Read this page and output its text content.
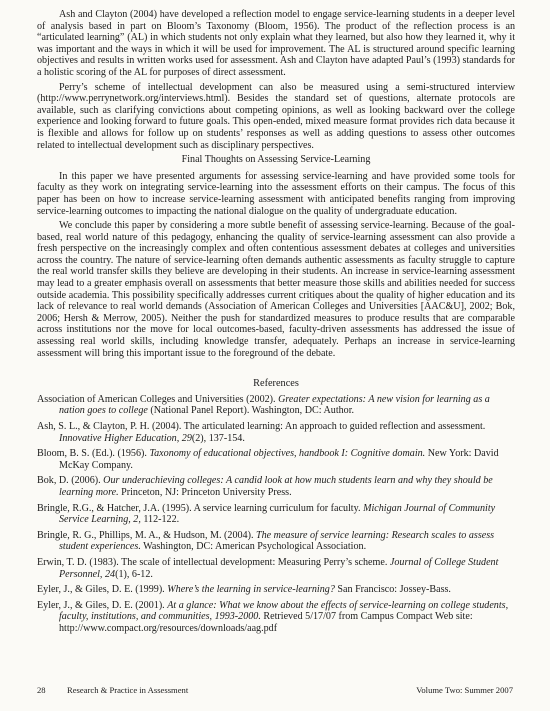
Ash and Clayton (2004) have developed a reflection model to engage service-learning students in a deeper level of analysis based in part on Bloom’s Taxonomy (Bloom, 1956). The product of the reflection process is an “articulated learning” (AL) in which students not only explain what they learned, but also how they learned it, why it was important and the ways in which it will be used for improvement. The AL is structured around specific learning objectives and results in written works used for assessment. Ash and Clayton have adapted Paul’s (1993) standards for a holistic scoring of the AL for purposes of direct assessment.

Perry’s scheme of intellectual development can also be measured using a semi-structured interview (http://www.perrynetwork.org/interviews.html). Besides the standard set of questions, alternate protocols are available, such as clarifying convictions about competing opinions, as well as looking backward over the college experience and looking forward to future goals. This open-ended, mixed measure format provides rich data because it is flexible and allows for follow up on students’ responses as well as adding questions to assess other outcomes related to intellectual development such as disciplinary perspectives.

Final Thoughts on Assessing Service-Learning

In this paper we have presented arguments for assessing service-learning and have provided some tools for faculty as they work on integrating service-learning into the assessment efforts on their campus. The focus of this paper has been on how to increase service-learning assessment with anticipated benefits ranging from improving service-learning outcomes to impacting the national dialogue on the quality of undergraduate education.

We conclude this paper by considering a more subtle benefit of assessing service-learning. Because of the goal-based, real world nature of this pedagogy, enhancing the quality of service-learning assessment can also provide a fresh perspective on the increasingly complex and often contentious assessment debates at colleges and universities across the country. The nature of service-learning often demands authentic assessments as faculty struggle to capture the real world transfer skills they believe are developing in their students. An increase in service-learning assessment may lead to a greater emphasis overall on assessments that better measure those skills and abilities needed for success outside academia. This possibility specifically addresses current critiques about the quality of higher education and its lack of relevance to real world demands (Association of American Colleges and Universities [AAC&U], 2002; Bok, 2006; Hersh & Merrow, 2005). Neither the push for standardized measures to produce results that are comparable across institutions nor the move for local outcomes-based, faculty-driven assessments has addressed the issue of assessing real world skills, including knowledge transfer, adequately. Perhaps an increase in service-learning assessment will bring this important issue to the foreground of the debate.

References
Association of American Colleges and Universities (2002). Greater expectations: A new vision for learning as a nation goes to college (National Panel Report). Washington, DC: Author.
Ash, S. L., & Clayton, P. H. (2004). The articulated learning: An approach to guided reflection and assessment. Innovative Higher Education, 29(2), 137-154.
Bloom, B. S. (Ed.). (1956). Taxonomy of educational objectives, handbook I: Cognitive domain. New York: David McKay Company.
Bok, D. (2006). Our underachieving colleges: A candid look at how much students learn and why they should be learning more. Princeton, NJ: Princeton University Press.
Bringle, R.G., & Hatcher, J.A. (1995). A service learning curriculum for faculty. Michigan Journal of Community Service Learning, 2, 112-122.
Bringle, R. G., Phillips, M. A., & Hudson, M. (2004). The measure of service learning: Research scales to assess student experiences. Washington, DC: American Psychological Association.
Erwin, T. D. (1983). The scale of intellectual development: Measuring Perry’s scheme. Journal of College Student Personnel, 24(1), 6-12.
Eyler, J., & Giles, D. E. (1999). Where’s the learning in service-learning? San Francisco: Jossey-Bass.
Eyler, J., & Giles, D. E. (2001). At a glance: What we know about the effects of service-learning on college students, faculty, institutions, and communities, 1993-2000. Retrieved 5/17/07 from Campus Compact Web site: http://www.compact.org/resources/downloads/aag.pdf
28 Research & Practice in Assessment	Volume Two: Summer 2007
